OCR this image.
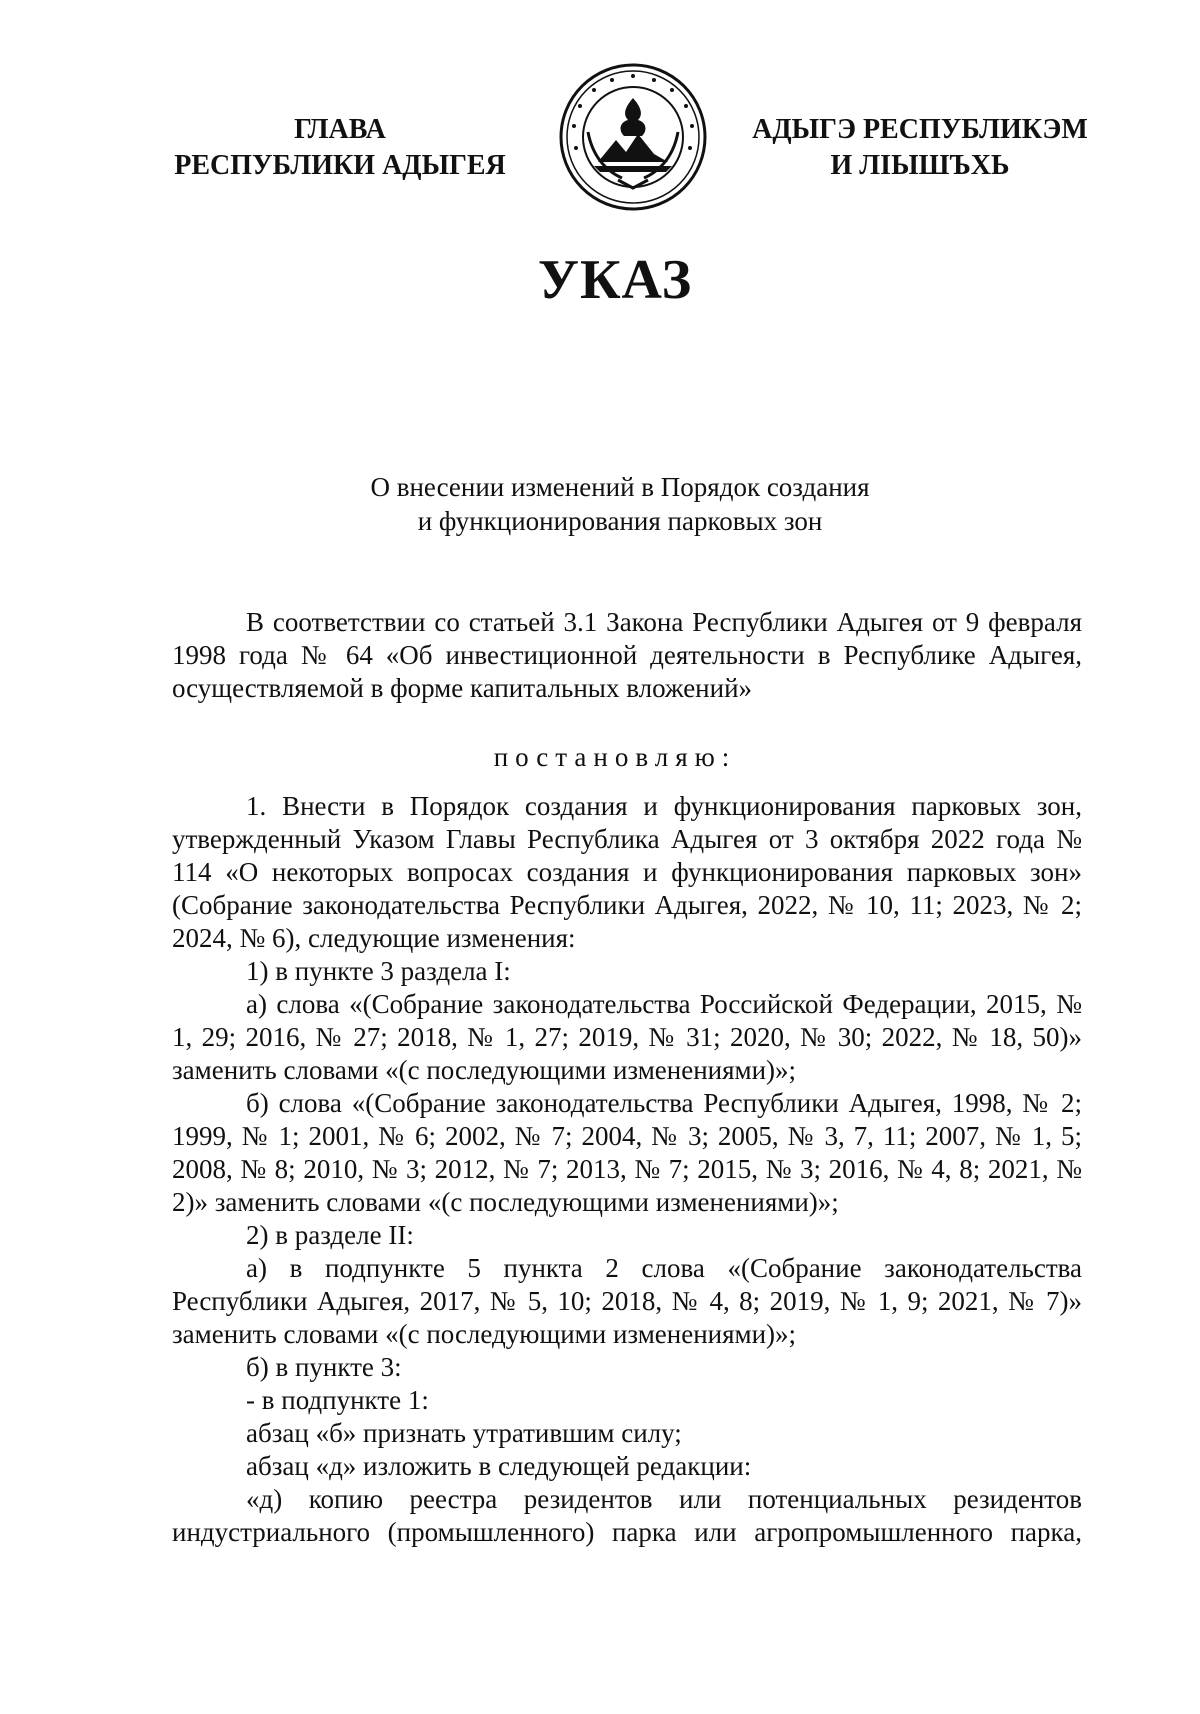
ГЛАВА
РЕСПУБЛИКИ АДЫГЕЯ
АДЫГЭ РЕСПУБЛИКЭМ
И ЛIЫШЪХЬ
УКАЗ
О внесении изменений в Порядок создания
и функционирования парковых зон

В соответствии со статьей 3.1 Закона Республики Адыгея от 9 февраля 1998 года № 64 «Об инвестиционной деятельности в Республике Адыгея, осуществляемой в форме капитальных вложений»

постановляю:

1. Внести в Порядок создания и функционирования парковых зон, утвержденный Указом Главы Республика Адыгея от 3 октября 2022 года № 114 «О некоторых вопросах создания и функционирования парковых зон» (Собрание законодательства Республики Адыгея, 2022, № 10, 11; 2023, № 2; 2024, № 6), следующие изменения:

1) в пункте 3 раздела I:

а) слова «(Собрание законодательства Российской Федерации, 2015, № 1, 29; 2016, № 27; 2018, № 1, 27; 2019, № 31; 2020, № 30; 2022, № 18, 50)» заменить словами «(с последующими изменениями)»;

б) слова «(Собрание законодательства Республики Адыгея, 1998, № 2; 1999, № 1; 2001, № 6; 2002, № 7; 2004, № 3; 2005, № 3, 7, 11; 2007, № 1, 5; 2008, № 8; 2010, № 3; 2012, № 7; 2013, № 7; 2015, № 3; 2016, № 4, 8; 2021, № 2)» заменить словами «(с последующими изменениями)»;

2) в разделе II:

а) в подпункте 5 пункта 2 слова «(Собрание законодательства Республики Адыгея, 2017, № 5, 10; 2018, № 4, 8; 2019, № 1, 9; 2021, № 7)» заменить словами «(с последующими изменениями)»;

б) в пункте 3:

- в подпункте 1:

абзац «б» признать утратившим силу;

абзац «д» изложить в следующей редакции:

«д) копию реестра резидентов или потенциальных резидентов индустриального (промышленного) парка или агропромышленного парка,
